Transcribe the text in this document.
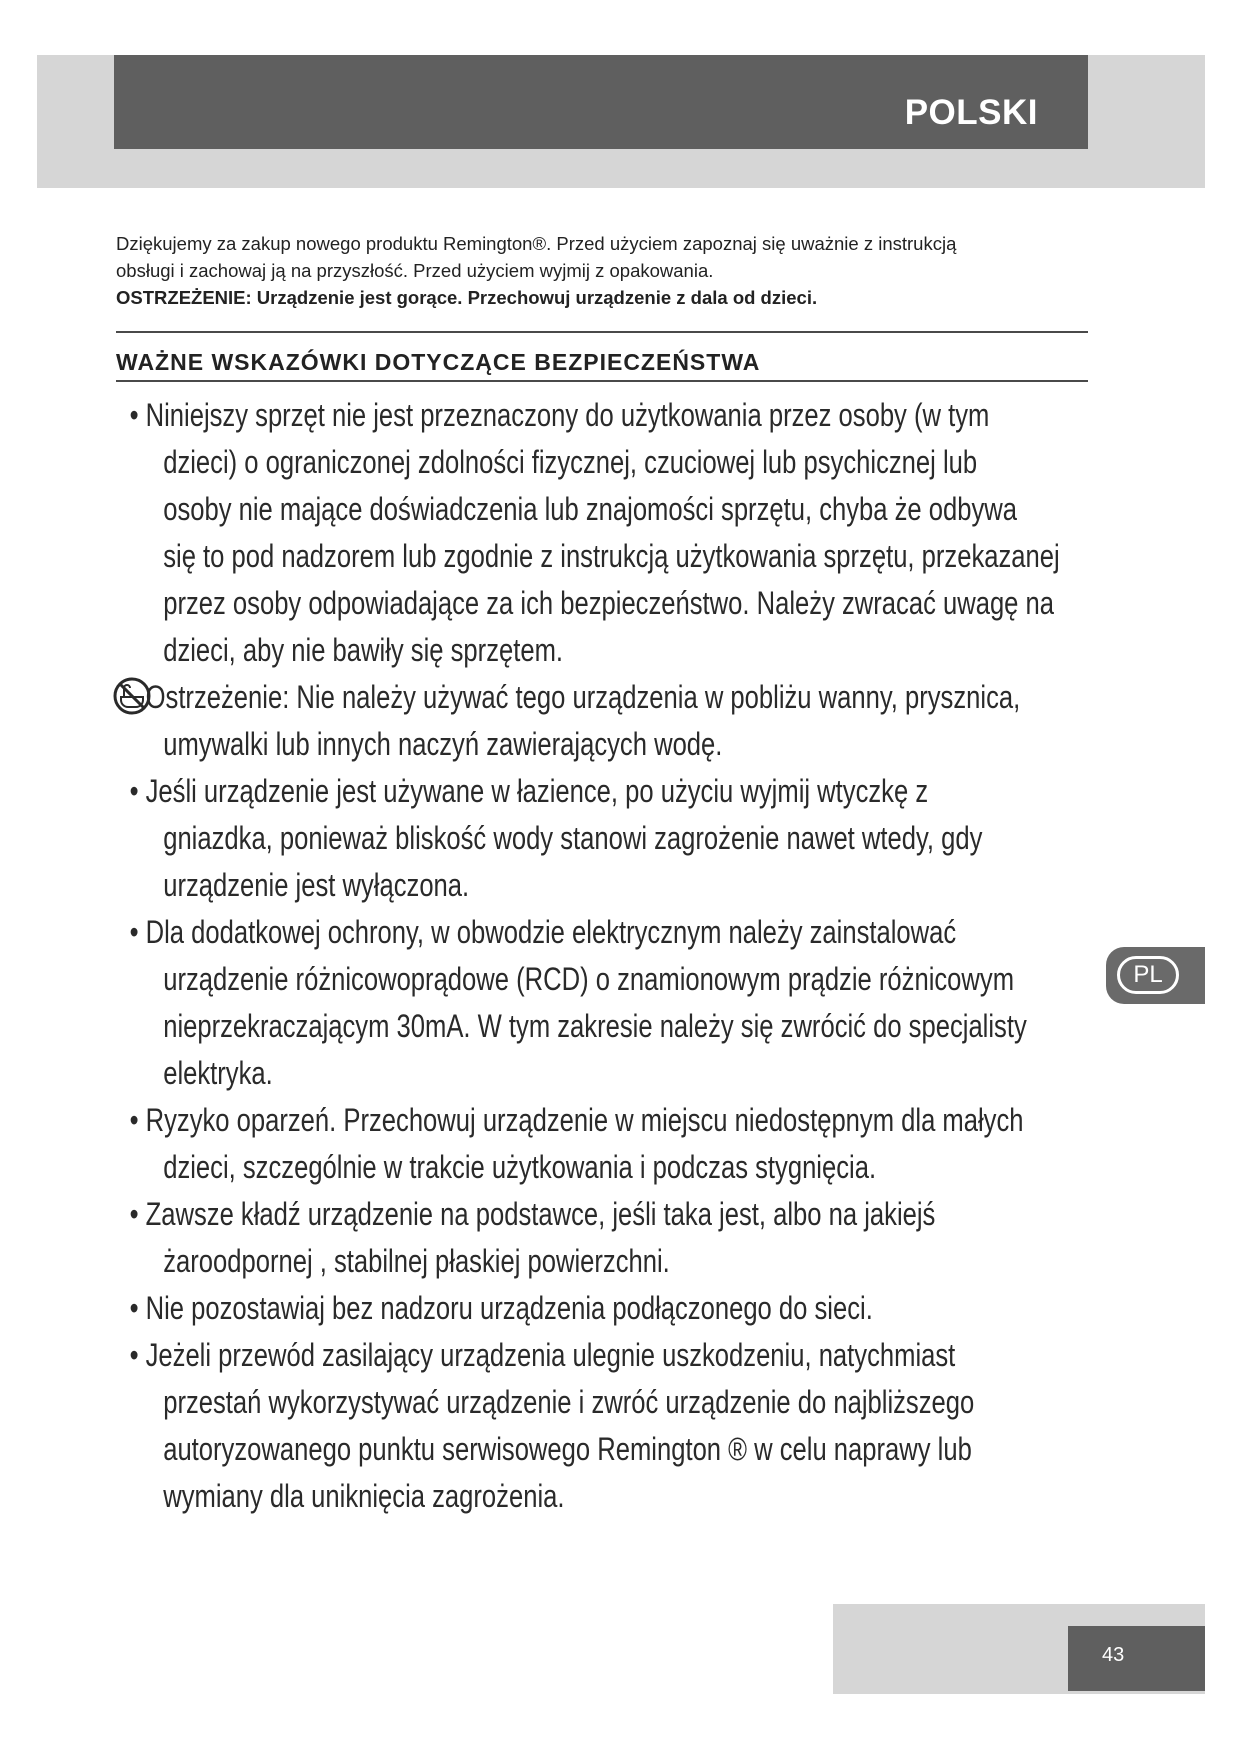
POLSKI

Dziękujemy za zakup nowego produktu Remington®. Przed użyciem zapoznaj się uważnie z instrukcją

obsługi i zachowaj ją na przyszłość. Przed użyciem wyjmij z opakowania.

OSTRZEŻENIE: Urządzenie jest gorące. Przechowuj urządzenie z dala od dzieci.

WAŻNE WSKAZÓWKI DOTYCZĄCE BEZPIECZEŃSTWA
• Niniejszy sprzęt nie jest przeznaczony do użytkowania przez osoby (w tym
dzieci) o ograniczonej zdolności fizycznej, czuciowej lub psychicznej lub
osoby nie mające doświadczenia lub znajomości sprzętu, chyba że odbywa
się to pod nadzorem lub zgodnie z instrukcją użytkowania sprzętu, przekazanej
przez osoby odpowiadające za ich bezpieczeństwo. Należy zwracać uwagę na
dzieci, aby nie bawiły się sprzętem.
Ostrzeżenie: Nie należy używać tego urządzenia w pobliżu wanny, prysznica,
umywalki lub innych naczyń zawierających wodę.
• Jeśli urządzenie jest używane w łazience, po użyciu wyjmij wtyczkę z
gniazdka, ponieważ bliskość wody stanowi zagrożenie nawet wtedy, gdy
urządzenie jest wyłączona.
• Dla dodatkowej ochrony, w obwodzie elektrycznym należy zainstalować
urządzenie różnicowoprądowe (RCD) o znamionowym prądzie różnicowym
nieprzekraczającym 30mA. W tym zakresie należy się zwrócić do specjalisty
elektryka.
• Ryzyko oparzeń. Przechowuj urządzenie w miejscu niedostępnym dla małych
dzieci, szczególnie w trakcie użytkowania i podczas stygnięcia.
• Zawsze kładź urządzenie na podstawce, jeśli taka jest, albo na jakiejś
żaroodpornej , stabilnej płaskiej powierzchni.
• Nie pozostawiaj bez nadzoru urządzenia podłączonego do sieci.
• Jeżeli przewód zasilający urządzenia ulegnie uszkodzeniu, natychmiast
przestań wykorzystywać urządzenie i zwróć urządzenie do najbliższego
autoryzowanego punktu serwisowego Remington ® w celu naprawy lub
wymiany dla uniknięcia zagrożenia.
PL
43
